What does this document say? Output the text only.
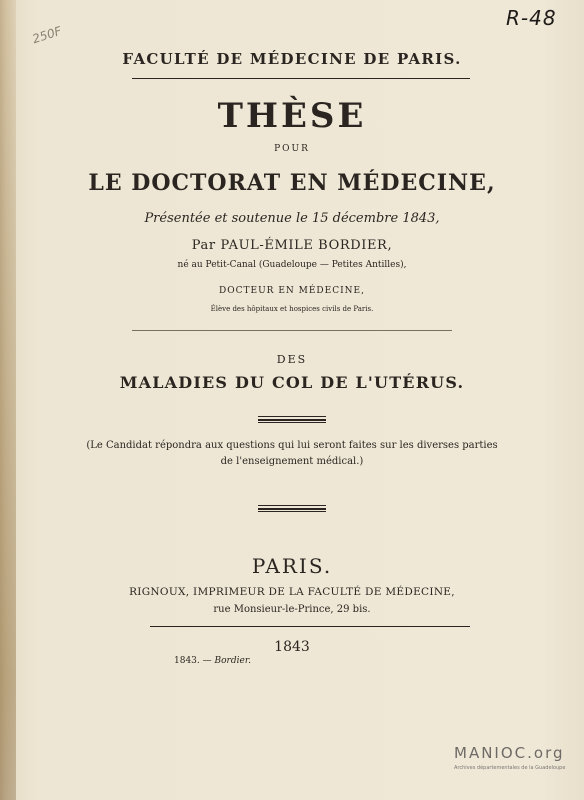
R-48
250F
FACULTÉ DE MÉDECINE DE PARIS.
THÈSE
POUR
LE DOCTORAT EN MÉDECINE,
Présentée et soutenue le 15 décembre 1843,
Par PAUL-ÉMILE BORDIER,
né au Petit-Canal (Guadeloupe — Petites Antilles),
DOCTEUR EN MÉDECINE,
Élève des hôpitaux et hospices civils de Paris.
DES
MALADIES DU COL DE L'UTÉRUS.
(Le Candidat répondra aux questions qui lui seront faites sur les diverses parties
de l'enseignement médical.)
PARIS.
RIGNOUX, IMPRIMEUR DE LA FACULTÉ DE MÉDECINE,
rue Monsieur-le-Prince, 29 bis.
1843
1843. — Bordier.
MANIOC.org
Archives départementales de la Guadeloupe
